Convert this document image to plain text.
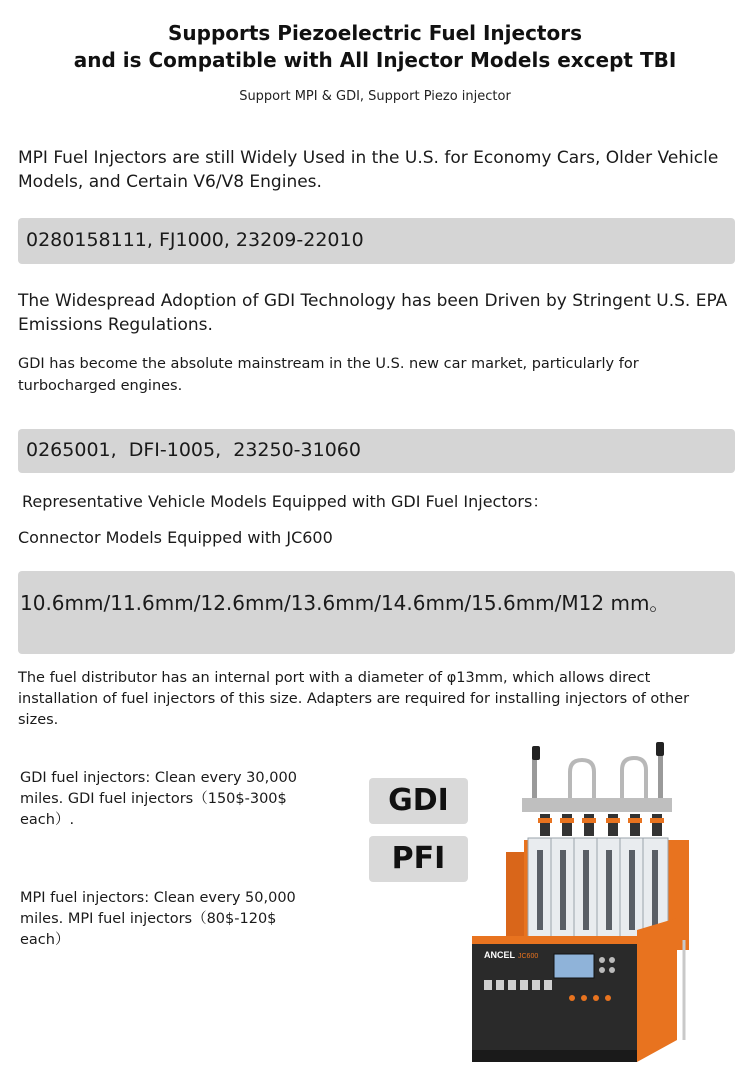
Supports Piezoelectric Fuel Injectors
and is Compatible with All Injector Models except TBI
Support MPI & GDI, Support Piezo injector
MPI Fuel Injectors are still Widely Used in the U.S. for Economy Cars, Older Vehicle Models, and Certain V6/V8 Engines.
0280158111, FJ1000, 23209-22010
The Widespread Adoption of GDI Technology has been Driven by Stringent U.S. EPA Emissions Regulations.
GDI has become the absolute mainstream in the U.S. new car market, particularly for turbocharged engines.
0265001,  DFI-1005,  23250-31060
Representative Vehicle Models Equipped with GDI Fuel Injectors：
Connector Models Equipped with JC600
10.6mm/11.6mm/12.6mm/13.6mm/14.6mm/15.6mm/M12 mm。
The fuel distributor has an internal port with a diameter of φ13mm, which allows direct installation of fuel injectors of this size. Adapters are required for installing injectors of other sizes.
GDI fuel injectors: Clean every 30,000 miles. GDI fuel injectors（150$-300$ each）.
MPI fuel injectors: Clean every 50,000 miles. MPI fuel injectors（80$-120$ each）
GDI
PFI
ANCEL JC600
